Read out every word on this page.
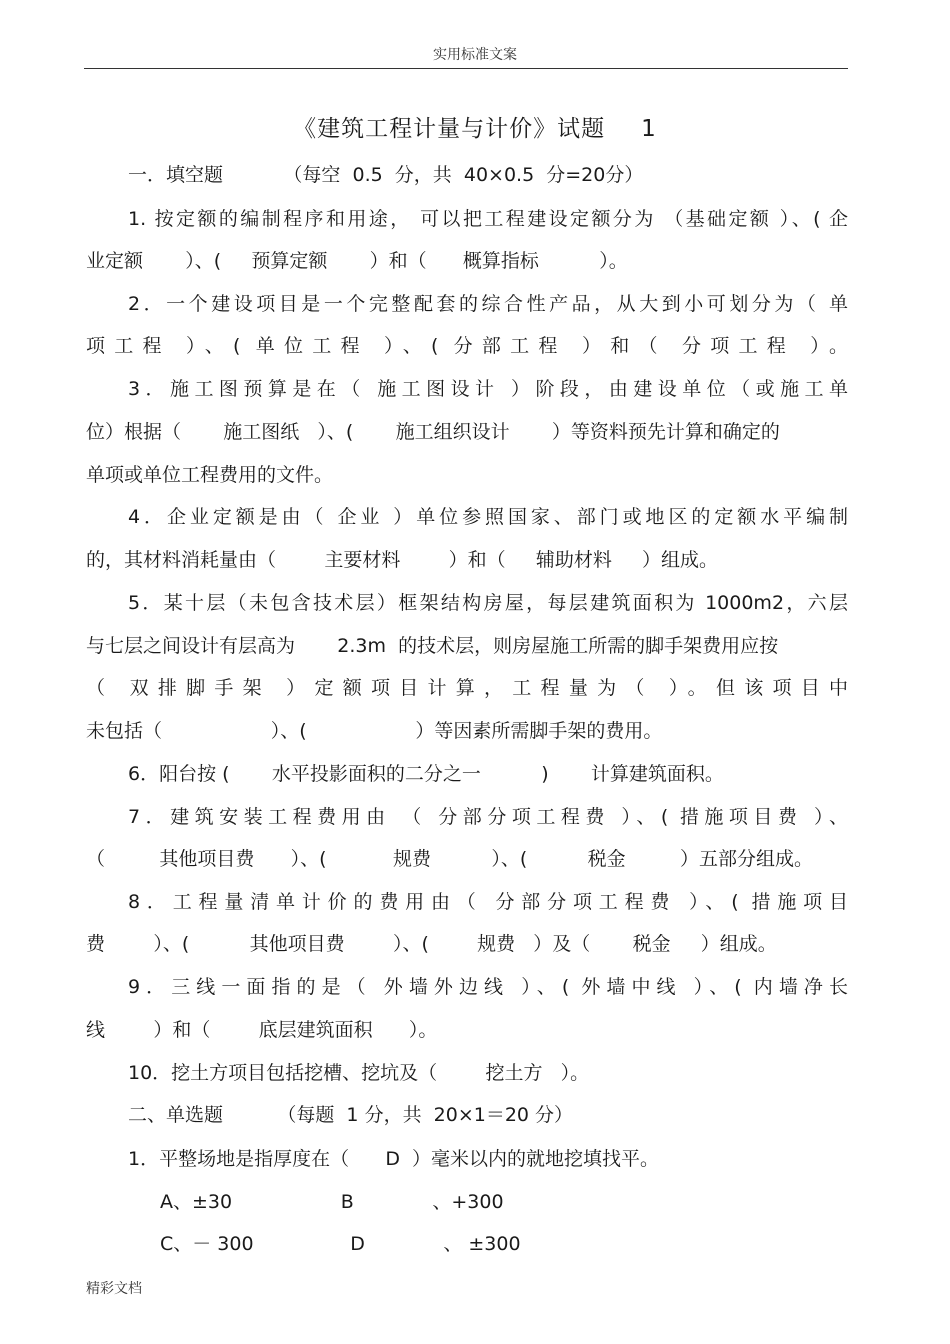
实用标准文案
《建筑工程计量与计价》试题 1
一．填空题          （每空  0.5  分，共  40×0.5  分=20分）
1. 按定额的编制程序和用途， 可以把工程建设定额分为 （基础定额 ）、( 企
业定额       ）、(     预算定额       ）和（      概算指标          ）。
2．一个建设项目是一个完整配套的综合性产品，从大到小可划分为（ 单
项工程 ）、( 单位工程 ）、( 分部工程 ）和（ 分项工程 ）。
3．施工图预算是在（ 施工图设计 ）阶段，由建设单位（或施工单
位）根据（       施工图纸   ）、(       施工组织设计       ）等资料预先计算和确定的
单项或单位工程费用的文件。
4．企业定额是由（ 企业 ）单位参照国家、部门或地区的定额水平编制
的，其材料消耗量由（        主要材料        ）和（     辅助材料     ）组成。
5．某十层（未包含技术层）框架结构房屋，每层建筑面积为 1000m2，六层
与七层之间设计有层高为       2.3m  的技术层，则房屋施工所需的脚手架费用应按
（ 双排脚手架 ）定额项目计算，工程量为（ ）。但该项目中
未包括（                  ）、(                  ）等因素所需脚手架的费用。
6．阳台按 (       水平投影面积的二分之一          )       计算建筑面积。
7．建筑安装工程费用由 （ 分部分项工程费 ）、( 措施项目费 ）、
（         其他项目费      ）、(           规费          ）、(          税金         ）五部分组成。
8．工程量清单计价的费用由（ 分部分项工程费 ）、( 措施项目
费        ）、(          其他项目费        ）、(        规费   ）及（       税金     ）组成。
9．三线一面指的是（ 外墙外边线 ）、( 外墙中线 ）、( 内墙净长
线        ）和（        底层建筑面积      ）。
10．挖土方项目包括挖槽、挖坑及（        挖土方   ）。
二、单选题         （每题  1 分，共  20×1＝20 分）
1．平整场地是指厚度在（      D  ）毫米以内的就地挖填找平。
A、±30                  B             、+300
C、－ 300                D             、 ±300
精彩文档
